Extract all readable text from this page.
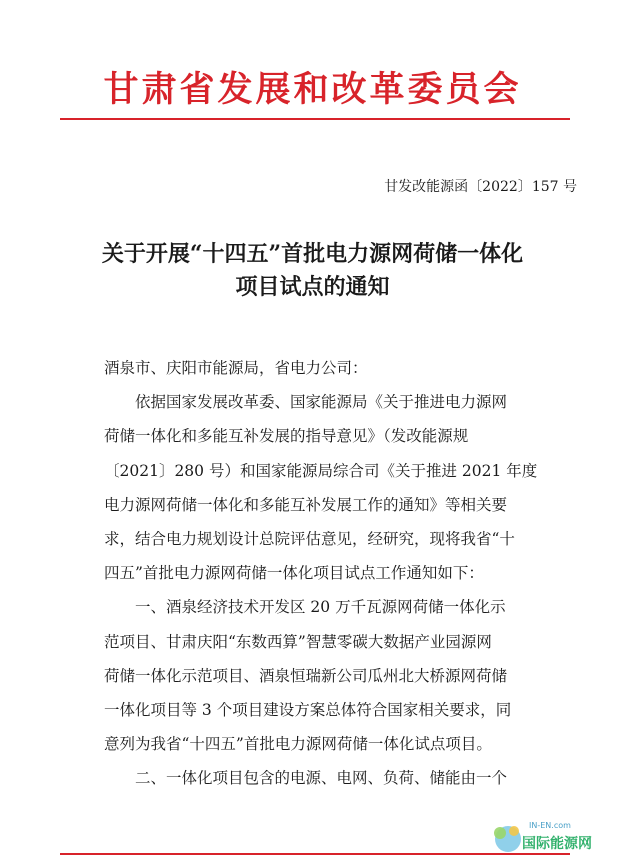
甘肃省发展和改革委员会
甘发改能源函〔2022〕157 号
关于开展“十四五”首批电力源网荷储一体化
项目试点的通知
酒泉市、庆阳市能源局，省电力公司：
依据国家发展改革委、国家能源局《关于推进电力源网
荷储一体化和多能互补发展的指导意见》（发改能源规
〔2021〕280 号）和国家能源局综合司《关于推进 2021 年度
电力源网荷储一体化和多能互补发展工作的通知》等相关要
求，结合电力规划设计总院评估意见，经研究，现将我省“十
四五”首批电力源网荷储一体化项目试点工作通知如下：
一、酒泉经济技术开发区 20 万千瓦源网荷储一体化示
范项目、甘肃庆阳“东数西算”智慧零碳大数据产业园源网
荷储一体化示范项目、酒泉恒瑞新公司瓜州北大桥源网荷储
一体化项目等 3 个项目建设方案总体符合国家相关要求，同
意列为我省“十四五”首批电力源网荷储一体化试点项目。
二、一体化项目包含的电源、电网、负荷、储能由一个
IN-EN.com
国际能源网
